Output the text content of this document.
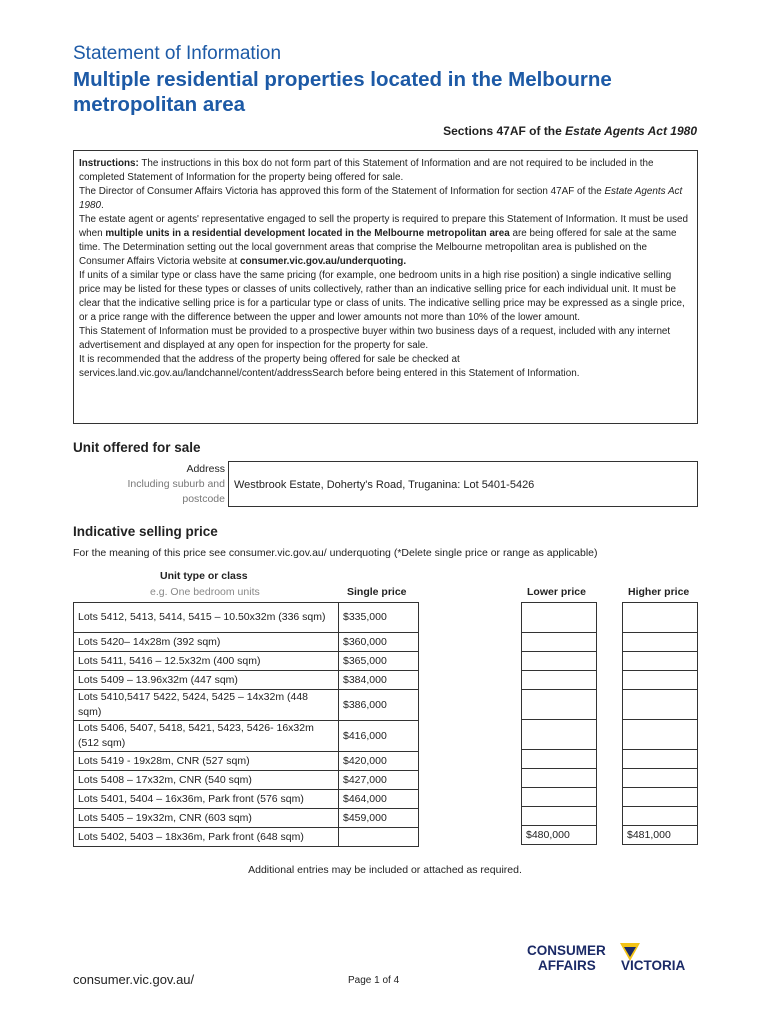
Statement of Information
Multiple residential properties located in the Melbourne metropolitan area
Sections 47AF of the Estate Agents Act 1980

Instructions: The instructions in this box do not form part of this Statement of Information and are not required to be included in the completed Statement of Information for the property being offered for sale.

The Director of Consumer Affairs Victoria has approved this form of the Statement of Information for section 47AF of the Estate Agents Act 1980.

The estate agent or agents' representative engaged to sell the property is required to prepare this Statement of Information. It must be used when multiple units in a residential development located in the Melbourne metropolitan area are being offered for sale at the same time. The Determination setting out the local government areas that comprise the Melbourne metropolitan area is published on the Consumer Affairs Victoria website at consumer.vic.gov.au/underquoting.

If units of a similar type or class have the same pricing (for example, one bedroom units in a high rise position) a single indicative selling price may be listed for these types or classes of units collectively, rather than an indicative selling price for each individual unit. It must be clear that the indicative selling price is for a particular type or class of units. The indicative selling price may be expressed as a single price, or a price range with the difference between the upper and lower amounts not more than 10% of the lower amount.

This Statement of Information must be provided to a prospective buyer within two business days of a request, included with any internet advertisement and displayed at any open for inspection for the property for sale.

It is recommended that the address of the property being offered for sale be checked at services.land.vic.gov.au/landchannel/content/addressSearch before being entered in this Statement of Information.

Unit offered for sale
Address
Including suburb and
postcode
Westbrook Estate, Doherty's Road, Truganina: Lot 5401-5426
Indicative selling price
For the meaning of this price see consumer.vic.gov.au/ underquoting (*Delete single price or range as applicable)
Unit type or class
e.g. One bedroom units	Single price	Lower price	Higher price
Lots 5412, 5413, 5414, 5415 – 10.50x32m (336 sqm)	$335,000
Lots 5420– 14x28m (392 sqm)	$360,000
Lots 5411, 5416 – 12.5x32m (400 sqm)	$365,000
Lots 5409 – 13.96x32m (447 sqm)	$384,000
Lots 5410,5417 5422, 5424, 5425 – 14x32m (448 sqm)	$386,000
Lots 5406, 5407, 5418, 5421, 5423, 5426- 16x32m (512 sqm)	$416,000
Lots 5419 - 19x28m, CNR (527 sqm)	$420,000
Lots 5408 – 17x32m, CNR (540 sqm)	$427,000
Lots 5401, 5404 – 16x36m, Park front (576 sqm)	$464,000
Lots 5405 – 19x32m, CNR (603 sqm)	$459,000
Lots 5402, 5403 – 18x36m, Park front (648 sqm)		$480,000	$481,000
Additional entries may be included or attached as required.
CONSUMER
AFFAIRS VICTORIA
consumer.vic.gov.au/	Page 1 of 4
